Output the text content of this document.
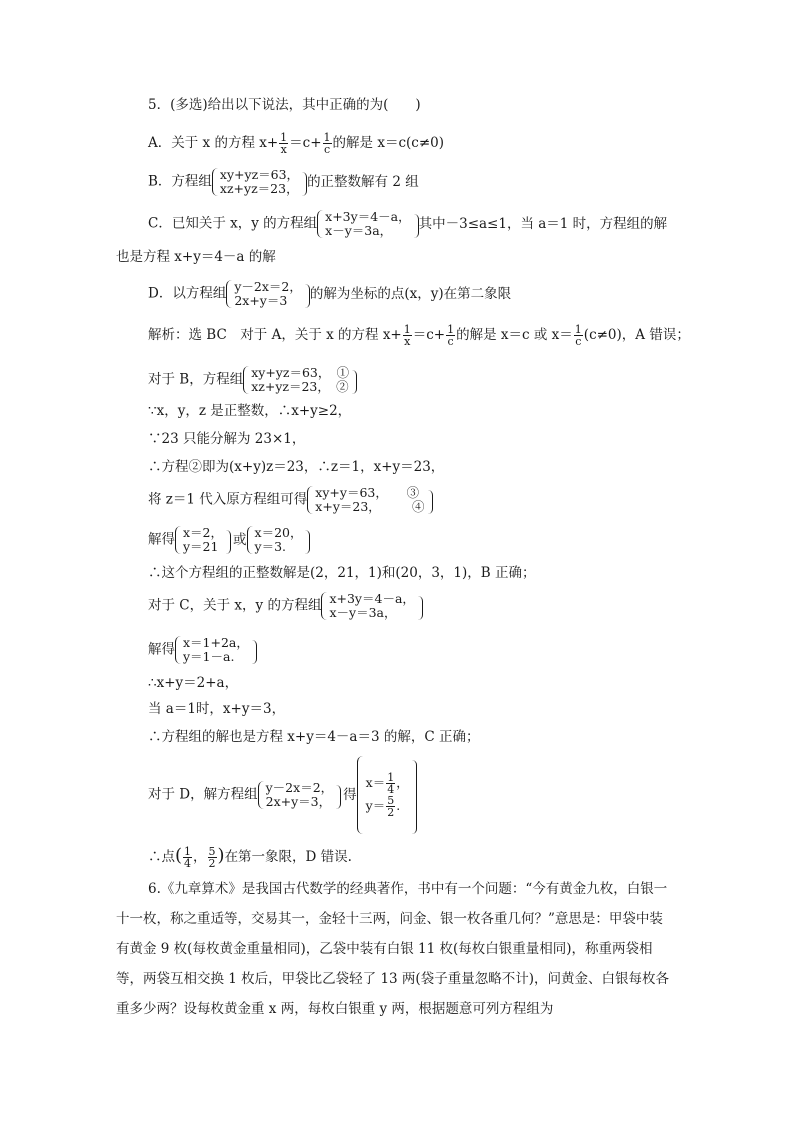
5．(多选)给出以下说法，其中正确的为(　　)
A．关于 x 的方程 $x+ \frac{1}{x} =c+ \frac{1}{c}$ 的解是 x＝c(c≠0)
B．方程组 xy+yz＝63，
xz+yz＝23， 的正整数解有 2 组
C．已知关于 x，y 的方程组 x+3y＝4－a，
x－y＝3a，	其中－3≤a≤1，当 a＝1 时，方程组的解
也是方程 x+y＝4－a 的解
D．以方程组 y－2x＝2，
2x+y＝3	的解为坐标的点(x，y)在第二象限
解析：选 BC　对于 A，关于 x 的方程 $x+ \frac{1}{x} =c+ \frac{1}{c}$ 的解是 x＝c 或 $x= \frac{1}{c} (c\ne 0)$，A 错误；
对于 B，方程组 xy+yz＝63，　①
xz+yz＝23，　②
∵x，y，z 是正整数，∴x+y≥2，
∵23 只能分解为 23×1，
∴方程②即为(x+y)z＝23，∴z＝1，x+y＝23，
将 z＝1 代入原方程组可得 xy+y＝63，　　③
x+y＝23，　　　④
解得 x＝2，
y＝21	或 x＝20，
y＝3.
∴这个方程组的正整数解是(2，21，1)和(20，3，1)，B 正确；
对于 C，关于 x，y 的方程组 x+3y＝4－a，
x－y＝3a，
解得 x＝1+2a，
y＝1－a.
∴x+y＝2+a，
当 a＝1时，x+y＝3，
∴方程组的解也是方程 x+y＝4－a＝3 的解，C 正确；
对于 D，解方程组 y－2x＝2，
2x+y＝3， 得
$x= \frac{1}{4}$ ，
$y= \frac{5}{2}$ .
∴点( $\frac{1}{4}$ ， $\frac{5}{2}$ )在第一象限，D 错误.
6.《九章算术》是我国古代数学的经典著作，书中有一个问题：“今有黄金九枚，白银一十一枚，称之重适等，交易其一，金轻十三两，问金、银一枚各重几何？”意思是：甲袋中装有黄金 9 枚(每枚黄金重量相同)，乙袋中装有白银 11 枚(每枚白银重量相同)，称重两袋相等，两袋互相交换 1 枚后，甲袋比乙袋轻了 13 两(袋子重量忽略不计)，问黄金、白银每枚各重多少两？设每枚黄金重 x 两，每枚白银重 y 两，根据题意可列方程组为
